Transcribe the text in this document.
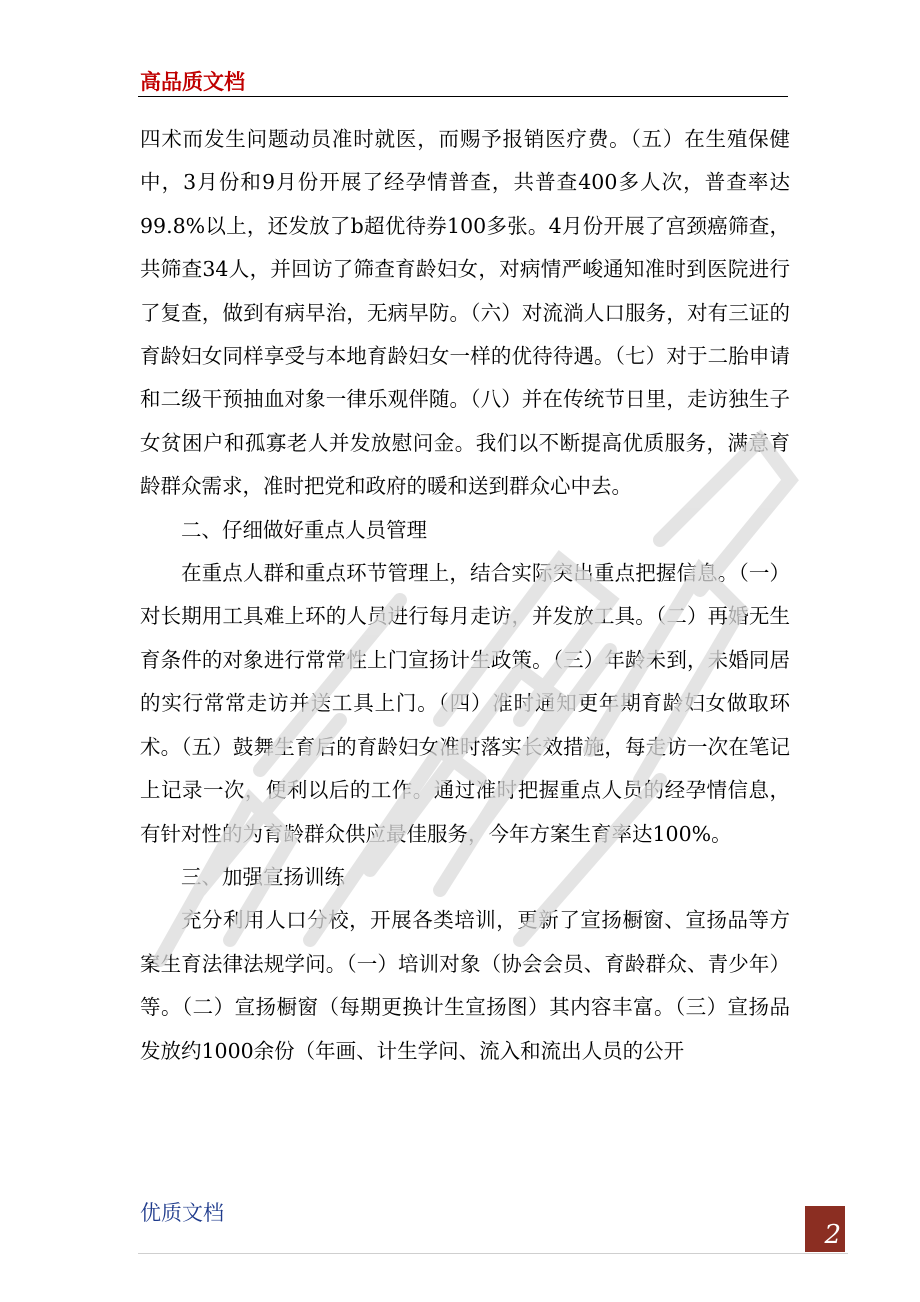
高品质文档

四术而发生问题动员准时就医，而赐予报销医疗费。（五）在生殖保健中，3月份和9月份开展了经孕情普查，共普查400多人次，普查率达99.8%以上，还发放了b超优待券100多张。4月份开展了宫颈癌筛查，共筛查34人，并回访了筛查育龄妇女，对病情严峻通知准时到医院进行了复查，做到有病早治，无病早防。（六）对流淌人口服务，对有三证的育龄妇女同样享受与本地育龄妇女一样的优待待遇。（七）对于二胎申请和二级干预抽血对象一律乐观伴随。（八）并在传统节日里，走访独生子女贫困户和孤寡老人并发放慰问金。我们以不断提高优质服务，满意育龄群众需求，准时把党和政府的暖和送到群众心中去。

二、仔细做好重点人员管理

在重点人群和重点环节管理上，结合实际突出重点把握信息。（一）对长期用工具难上环的人员进行每月走访，并发放工具。（二）再婚无生育条件的对象进行常常性上门宣扬计生政策。（三）年龄未到，未婚同居的实行常常走访并送工具上门。（四）准时通知更年期育龄妇女做取环术。（五）鼓舞生育后的育龄妇女准时落实长效措施，每走访一次在笔记上记录一次，便利以后的工作。通过准时把握重点人员的经孕情信息，有针对性的为育龄群众供应最佳服务，今年方案生育率达100%。

三、加强宣扬训练

充分利用人口分校，开展各类培训，更新了宣扬橱窗、宣扬品等方案生育法律法规学问。（一）培训对象（协会会员、育龄群众、青少年）等。（二）宣扬橱窗（每期更换计生宣扬图）其内容丰富。（三）宣扬品发放约1000余份（年画、计生学问、流入和流出人员的公开

优质文档
2
